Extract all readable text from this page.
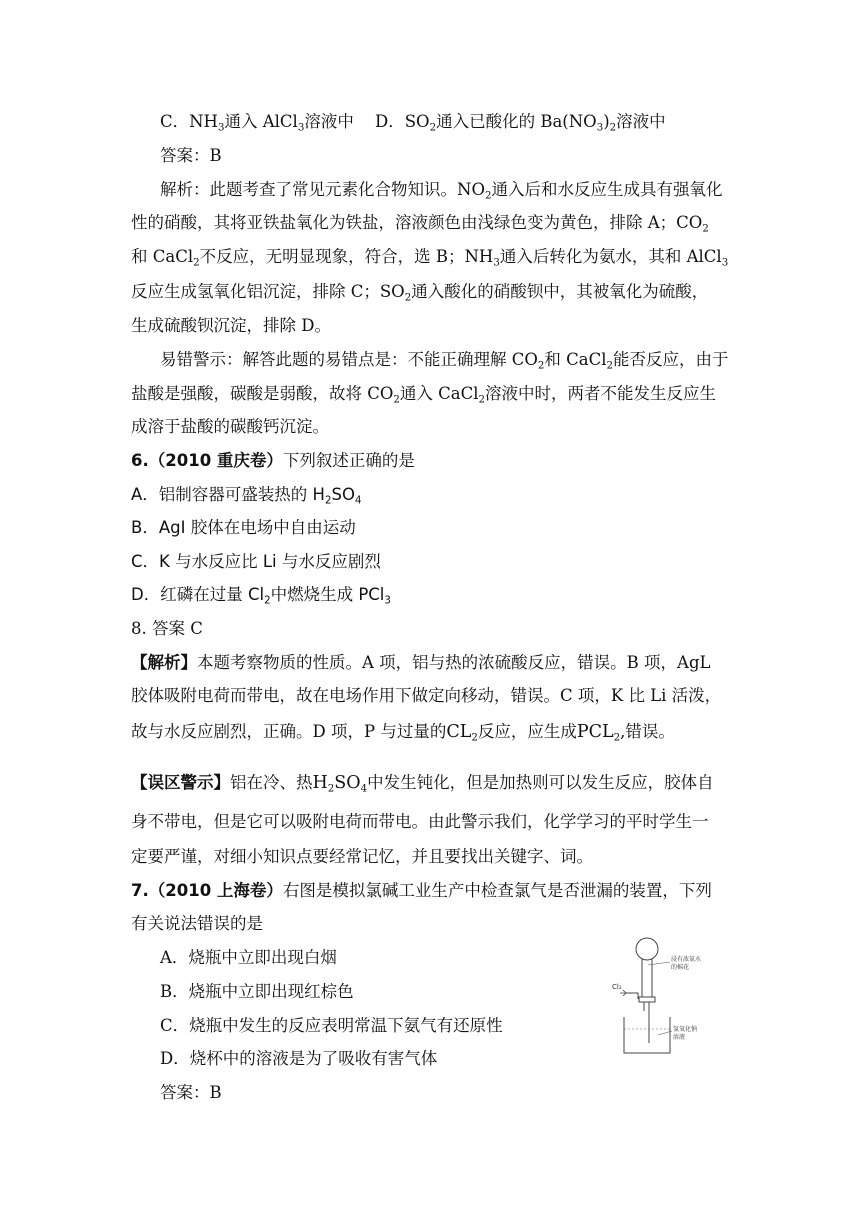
C．$NH_3$通入 AlCl$_3$溶液中 D．$SO_2$通入已酸化的 $Ba(NO_3)_2$溶液中
答案：B
解析：此题考查了常见元素化合物知识。$NO_2$通入后和水反应生成具有强氧化
性的硝酸，其将亚铁盐氧化为铁盐，溶液颜色由浅绿色变为黄色，排除 A；$CO_2$
和 CaCl$_2$不反应，无明显现象，符合，选 B；$NH_3$通入后转化为氨水，其和 AlCl$_3$
反应生成氢氧化铝沉淀，排除 C；$SO_2$通入酸化的硝酸钡中，其被氧化为硫酸，
生成硫酸钡沉淀，排除 D。
易错警示：解答此题的易错点是：不能正确理解 $CO_2$和 CaCl$_2$能否反应，由于
盐酸是强酸，碳酸是弱酸，故将 $CO_2$通入 CaCl$_2$溶液中时，两者不能发生反应生
成溶于盐酸的碳酸钙沉淀。
6.（2010 重庆卷）下列叙述正确的是
A．铝制容器可盛装热的 $H_2SO_4$
B．AgI 胶体在电场中自由运动
C．K 与水反应比 Li 与水反应剧烈
D．红磷在过量 $Cl_2$中燃烧生成 PCl$_3$
8. 答案 C
【解析】本题考察物质的性质。A 项，铝与热的浓硫酸反应，错误。B 项，AgL
胶体吸附电荷而带电，故在电场作用下做定向移动，错误。C 项，K 比 Li 活泼，
故与水反应剧烈，正确。D 项，P 与过量的$CL_2$反应，应生成$PCL_2$,错误。
【误区警示】铝在冷、热$H_2SO_4$中发生钝化，但是加热则可以发生反应，胶体自
身不带电，但是它可以吸附电荷而带电。由此警示我们，化学学习的平时学生一
定要严谨，对细小知识点要经常记忆，并且要找出关键字、词。
7.（2010 上海卷）右图是模拟氯碱工业生产中检查氯气是否泄漏的装置，下列
有关说法错误的是
A．烧瓶中立即出现白烟
B．烧瓶中立即出现红棕色
C．烧瓶中发生的反应表明常温下氨气有还原性
D．烧杯中的溶液是为了吸收有害气体
答案：B
Cl₂
浸有浓氨水
的棉花
氢氧化钠
溶液
